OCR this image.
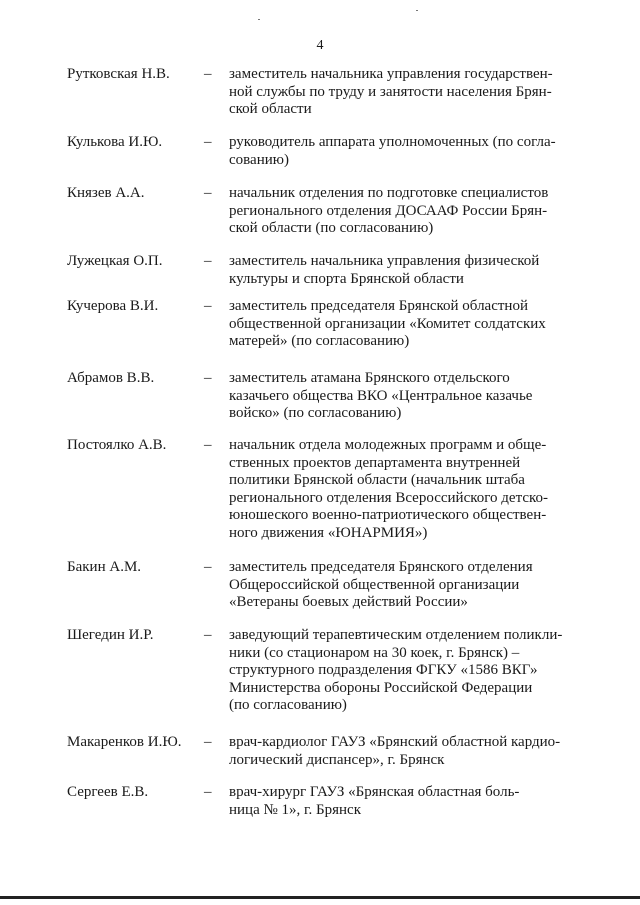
4
Рутковская Н.В. – заместитель начальника управления государствен-
ной службы по труду и занятости населения Брян-
ской области
Кулькова И.Ю.	– руководитель аппарата уполномоченных (по согла-
сованию)
Князев А.А.	– начальник отделения по подготовке специалистов
регионального отделения ДОСААФ России Брян-
ской области (по согласованию)
Лужецкая О.П.	– заместитель начальника управления физической
культуры и спорта Брянской области
Кучерова В.И.	– заместитель председателя Брянской областной
общественной организации «Комитет солдатских
матерей» (по согласованию)
Абрамов В.В.	– заместитель атамана Брянского отдельского
казачьего общества ВКО «Центральное казачье
войско» (по согласованию)
Постоялко А.В.	– начальник отдела молодежных программ и обще-
ственных проектов департамента внутренней
политики Брянской области (начальник штаба
регионального отделения Всероссийского детско-
юношеского военно-патриотического обществен-
ного движения «ЮНАРМИЯ»)
Бакин А.М.	– заместитель председателя Брянского отделения
Общероссийской общественной организации
«Ветераны боевых действий России»
Шегедин И.Р.	– заведующий терапевтическим отделением поликли-
ники (со стационаром на 30 коек, г. Брянск) –
структурного подразделения ФГКУ «1586 ВКГ»
Министерства обороны Российской Федерации
(по согласованию)
Макаренков И.Ю. – врач-кардиолог ГАУЗ «Брянский областной кардио-
логический диспансер», г. Брянск
Сергеев Е.В.	– врач-хирург ГАУЗ «Брянская областная боль-
ница № 1», г. Брянск
